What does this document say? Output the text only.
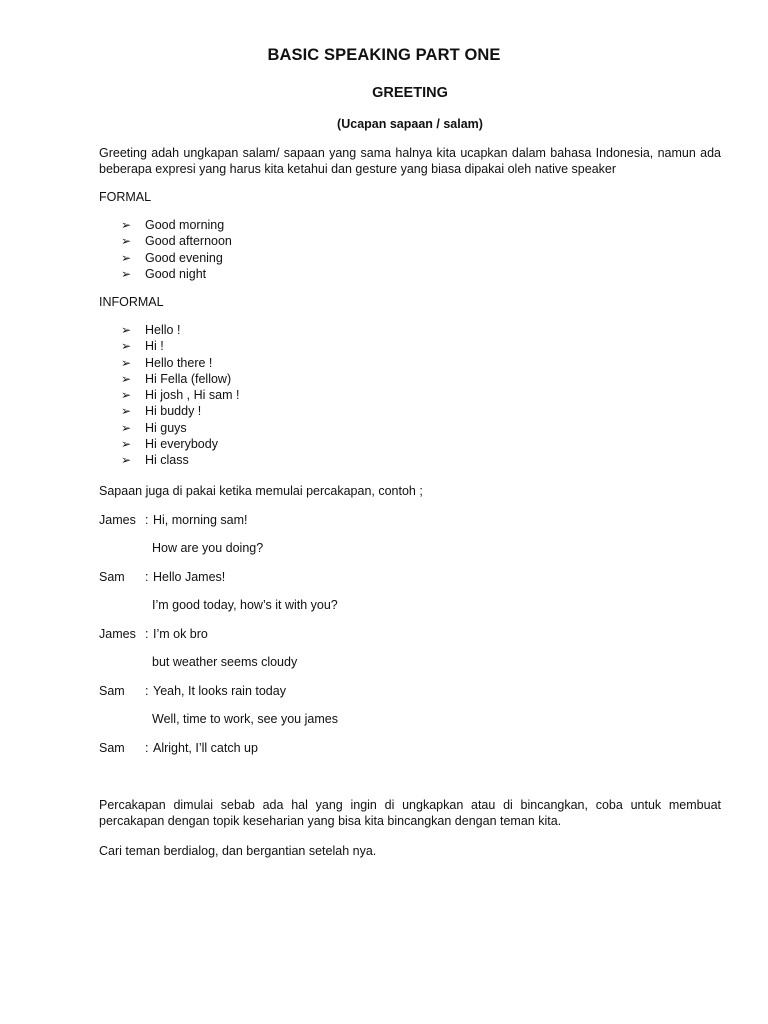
BASIC SPEAKING PART ONE
GREETING
(Ucapan sapaan / salam)
Greeting adah ungkapan salam/ sapaan yang sama halnya kita ucapkan dalam bahasa Indonesia, namun ada beberapa expresi yang harus kita ketahui dan gesture yang biasa dipakai oleh native speaker
FORMAL
➢	Good morning
➢	Good afternoon
➢	Good evening
➢	Good night
INFORMAL
➢	Hello !
➢	Hi !
➢	Hello there !
➢	Hi Fella (fellow)
➢	Hi josh , Hi sam !
➢	Hi buddy !
➢	Hi guys
➢	Hi everybody
➢	Hi class
Sapaan juga di pakai ketika memulai percakapan, contoh ;
James : Hi, morning sam!
How are you doing?
Sam : Hello James!
I’m good today, how’s it with you?
James : I’m ok bro
but weather seems cloudy
Sam : Yeah, It looks rain today
Well, time to work, see you james
Sam : Alright, I’ll catch up
Percakapan dimulai sebab ada hal yang ingin di ungkapkan atau di bincangkan, coba untuk membuat percakapan dengan topik keseharian yang bisa kita bincangkan dengan teman kita.
Cari teman berdialog, dan bergantian setelah nya.
